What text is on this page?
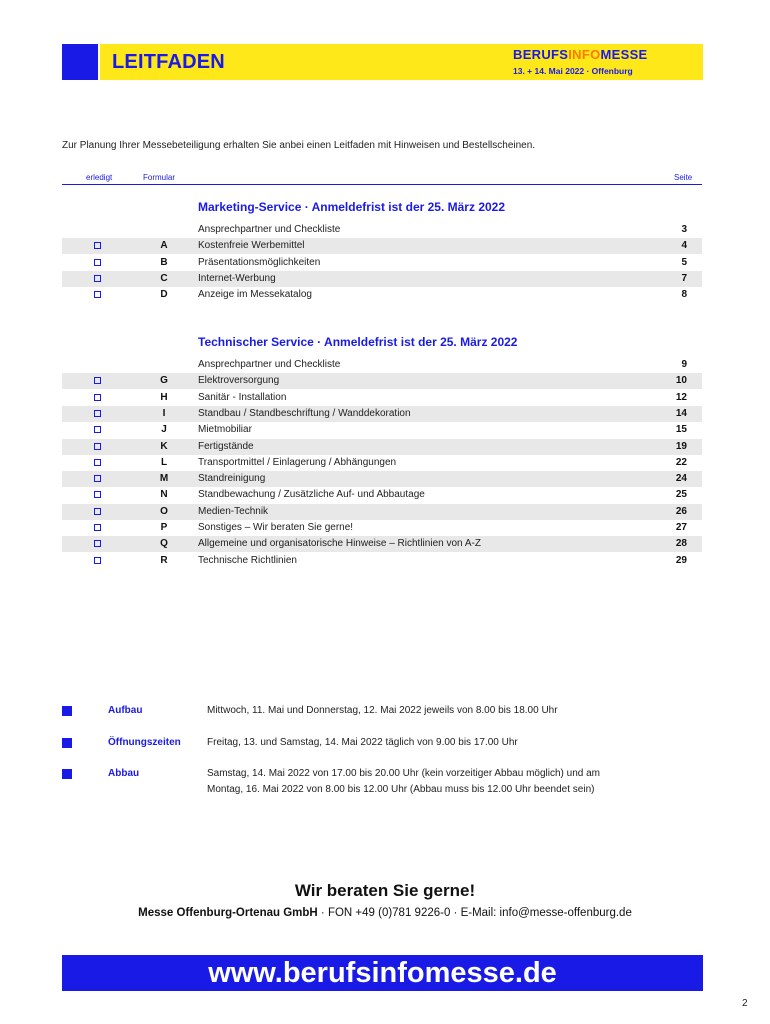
LEITFADEN	BERUFSINFOMESSE
13. + 14. Mai 2022 · Offenburg
Zur Planung Ihrer Messebeteiligung erhalten Sie anbei einen Leitfaden mit Hinweisen und Bestellscheinen.
erledigt	Formular	Seite
Marketing-Service · Anmeldefrist ist der 25. März 2022
Ansprechpartner und Checkliste	3
A	Kostenfreie Werbemittel	4
B	Präsentationsmöglichkeiten	5
C	Internet-Werbung	7
D	Anzeige im Messekatalog	8
Technischer Service · Anmeldefrist ist der 25. März 2022
Ansprechpartner und Checkliste	9
G	Elektroversorgung	10
H	Sanitär - Installation	12
I	Standbau / Standbeschriftung / Wanddekoration	14
J	Mietmobiliar	15
K	Fertigstände	19
L	Transportmittel / Einlagerung / Abhängungen	22
M	Standreinigung	24
N	Standbewachung / Zusätzliche Auf- und Abbautage	25
O	Medien-Technik	26
P	Sonstiges – Wir beraten Sie gerne!	27
Q	Allgemeine und organisatorische Hinweise – Richtlinien von A-Z	28
R	Technische Richtlinien	29
Aufbau	Mittwoch, 11. Mai und Donnerstag, 12. Mai 2022 jeweils von 8.00 bis 18.00 Uhr
Öffnungszeiten	Freitag, 13. und Samstag, 14. Mai 2022 täglich von 9.00 bis 17.00 Uhr
Abbau	Samstag, 14. Mai 2022 von 17.00 bis 20.00 Uhr (kein vorzeitiger Abbau möglich) und am
Montag, 16. Mai 2022 von 8.00 bis 12.00 Uhr (Abbau muss bis 12.00 Uhr beendet sein)
Wir beraten Sie gerne!
Messe Offenburg-Ortenau GmbH · FON +49 (0)781 9226-0 · E-Mail: info@messe-offenburg.de
www.berufsinfomesse.de
2
